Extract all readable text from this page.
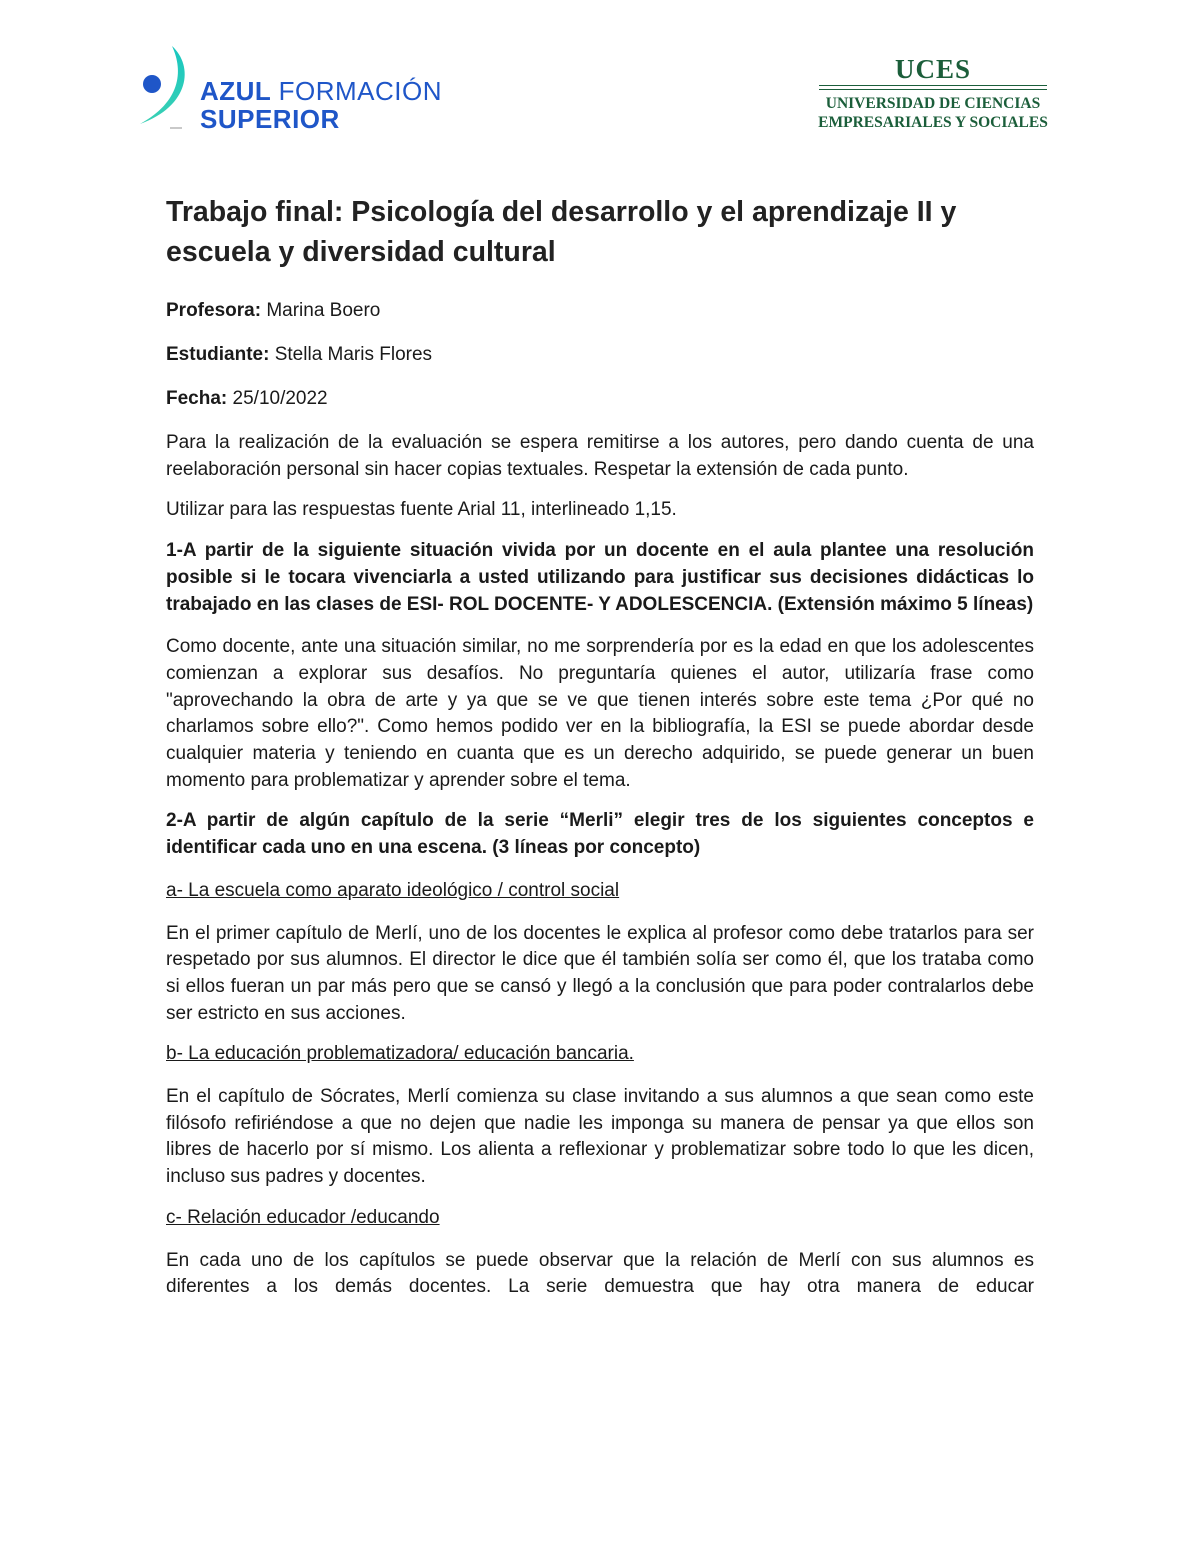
AZUL FORMACIÓN
SUPERIOR
UCES
UNIVERSIDAD DE CIENCIAS
EMPRESARIALES Y SOCIALES
Trabajo final: Psicología del desarrollo y el aprendizaje II y escuela y diversidad cultural
Profesora: Marina Boero
Estudiante: Stella Maris Flores
Fecha: 25/10/2022

Para la realización de la evaluación se espera remitirse a los autores, pero dando cuenta de una reelaboración personal sin hacer copias textuales. Respetar la extensión de cada punto.

Utilizar para las respuestas fuente Arial 11, interlineado 1,15.

1-A partir de la siguiente situación vivida por un docente en el aula plantee una resolución posible si le tocara vivenciarla a usted utilizando para justificar sus decisiones didácticas lo trabajado en las clases de ESI- ROL DOCENTE- Y ADOLESCENCIA. (Extensión máximo 5 líneas)

Como docente, ante una situación similar, no me sorprendería por es la edad en que los adolescentes comienzan a explorar sus desafíos. No preguntaría quienes el autor, utilizaría frase como "aprovechando la obra de arte y ya que se ve que tienen interés sobre este tema ¿Por qué no charlamos sobre ello?". Como hemos podido ver en la bibliografía, la ESI se puede abordar desde cualquier materia y teniendo en cuanta que es un derecho adquirido, se puede generar un buen momento para problematizar y aprender sobre el tema.

2-A partir de algún capítulo de la serie “Merli” elegir tres de los siguientes conceptos e identificar cada uno en una escena. (3 líneas por concepto)

a- La escuela como aparato ideológico / control social

En el primer capítulo de Merlí, uno de los docentes le explica al profesor como debe tratarlos para ser respetado por sus alumnos. El director le dice que él también solía ser como él, que los trataba como si ellos fueran un par más pero que se cansó y llegó a la conclusión que para poder contralarlos debe ser estricto en sus acciones.

b- La educación problematizadora/ educación bancaria.

En el capítulo de Sócrates, Merlí comienza su clase invitando a sus alumnos a que sean como este filósofo refiriéndose a que no dejen que nadie les imponga su manera de pensar ya que ellos son libres de hacerlo por sí mismo. Los alienta a reflexionar y problematizar sobre todo lo que les dicen, incluso sus padres y docentes.

c- Relación educador /educando

En cada uno de los capítulos se puede observar que la relación de Merlí con sus alumnos es diferentes a los demás docentes. La serie demuestra que hay otra manera de educar
